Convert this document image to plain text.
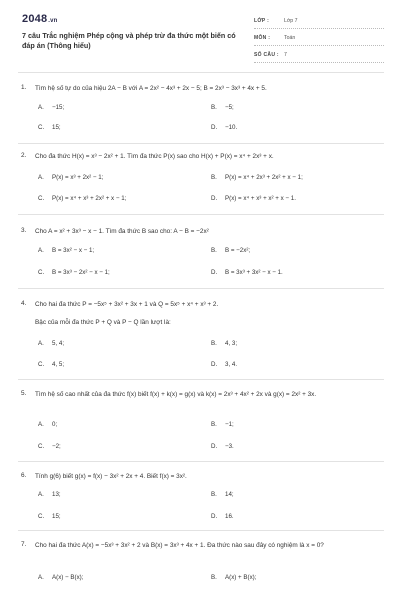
2048.vn
7 câu Trắc nghiệm Phép cộng và phép trừ đa thức một biến có đáp án (Thông hiểu)
LỚP :	Lớp 7
MÔN :	Toán
SỐ CÂU : 7
1. Tìm hệ số tự do của hiệu 2A − B với A = 2x² − 4x³ + 2x − 5; B = 2x³ − 3x³ + 4x + 5.
A. −15;	B. −5;
C. 15;	D. −10.
2. Cho đa thức H(x) = x³ − 2x² + 1. Tìm đa thức P(x) sao cho H(x) + P(x) = x⁴ + 2x³ + x.
A. P(x) = x³ + 2x² − 1;	B. P(x) = x⁴ + 2x³ + 2x² + x − 1;
C. P(x) = x⁴ + x³ + 2x² + x − 1;	D. P(x) = x⁴ + x³ + x² + x − 1.
3. Cho A = x² + 3x³ − x − 1. Tìm đa thức B sao cho: A − B = −2x²
A. B = 3x² − x − 1;	B. B = −2x²;
C. B = 3x³ − 2x² − x − 1;	D. B = 3x³ + 3x² − x − 1.
4. Cho hai đa thức P = −5x⁵ + 3x² + 3x + 1 và Q = 5x⁵ + x⁴ + x³ + 2.
Bậc của mỗi đa thức P + Q và P − Q lần lượt là:
A. 5, 4;	B. 4, 3;
C. 4, 5;	D. 3, 4.
5. Tìm hệ số cao nhất của đa thức f(x) biết f(x) + k(x) = g(x) và k(x) = 2x³ + 4x² + 2x và g(x) = 2x² + 3x.
A. 0;	B. −1;
C. −2;	D. −3.
6. Tính g(6) biết g(x) = f(x) − 3x² + 2x + 4. Biết f(x) = 3x².
A. 13;	B. 14;
C. 15;	D. 16.
7. Cho hai đa thức A(x) = −5x³ + 3x² + 2 và B(x) = 3x³ + 4x + 1. Đa thức nào sau đây có nghiệm là x = 0?
A. A(x) − B(x);	B. A(x) + B(x);
